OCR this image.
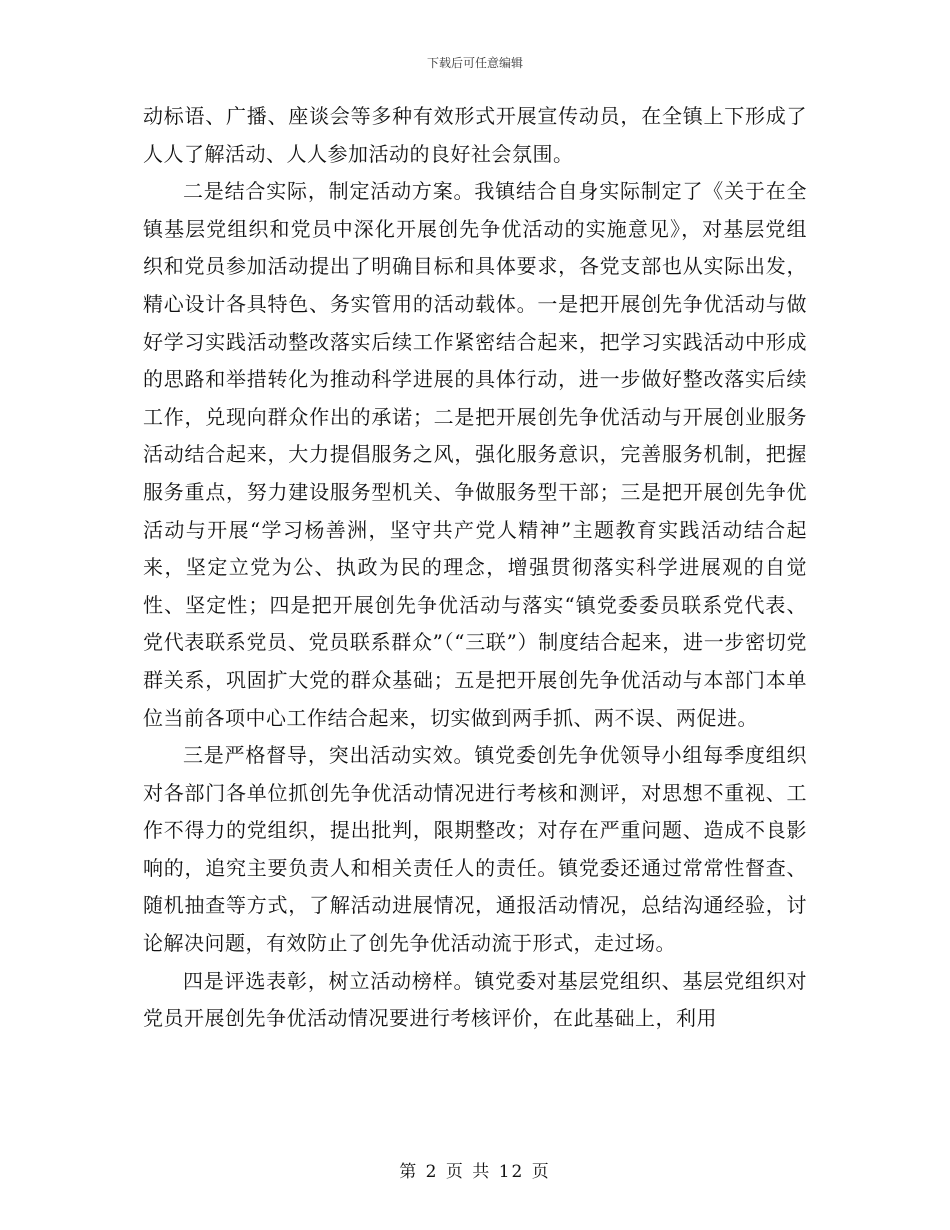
下载后可任意编辑

动标语、广播、座谈会等多种有效形式开展宣传动员，在全镇上下形成了人人了解活动、人人参加活动的良好社会氛围。

二是结合实际，制定活动方案。我镇结合自身实际制定了《关于在全镇基层党组织和党员中深化开展创先争优活动的实施意见》，对基层党组织和党员参加活动提出了明确目标和具体要求，各党支部也从实际出发，精心设计各具特色、务实管用的活动载体。一是把开展创先争优活动与做好学习实践活动整改落实后续工作紧密结合起来，把学习实践活动中形成的思路和举措转化为推动科学进展的具体行动，进一步做好整改落实后续工作，兑现向群众作出的承诺；二是把开展创先争优活动与开展创业服务活动结合起来，大力提倡服务之风，强化服务意识，完善服务机制，把握服务重点，努力建设服务型机关、争做服务型干部；三是把开展创先争优活动与开展“学习杨善洲，坚守共产党人精神”主题教育实践活动结合起来，坚定立党为公、执政为民的理念，增强贯彻落实科学进展观的自觉性、坚定性；四是把开展创先争优活动与落实“镇党委委员联系党代表、党代表联系党员、党员联系群众”（“三联”）制度结合起来，进一步密切党群关系，巩固扩大党的群众基础；五是把开展创先争优活动与本部门本单位当前各项中心工作结合起来，切实做到两手抓、两不误、两促进。

三是严格督导，突出活动实效。镇党委创先争优领导小组每季度组织对各部门各单位抓创先争优活动情况进行考核和测评，对思想不重视、工作不得力的党组织，提出批判，限期整改；对存在严重问题、造成不良影响的，追究主要负责人和相关责任人的责任。镇党委还通过常常性督查、随机抽查等方式，了解活动进展情况，通报活动情况，总结沟通经验，讨论解决问题，有效防止了创先争优活动流于形式，走过场。

四是评选表彰，树立活动榜样。镇党委对基层党组织、基层党组织对党员开展创先争优活动情况要进行考核评价，在此基础上，利用

第 2 页 共 12 页
